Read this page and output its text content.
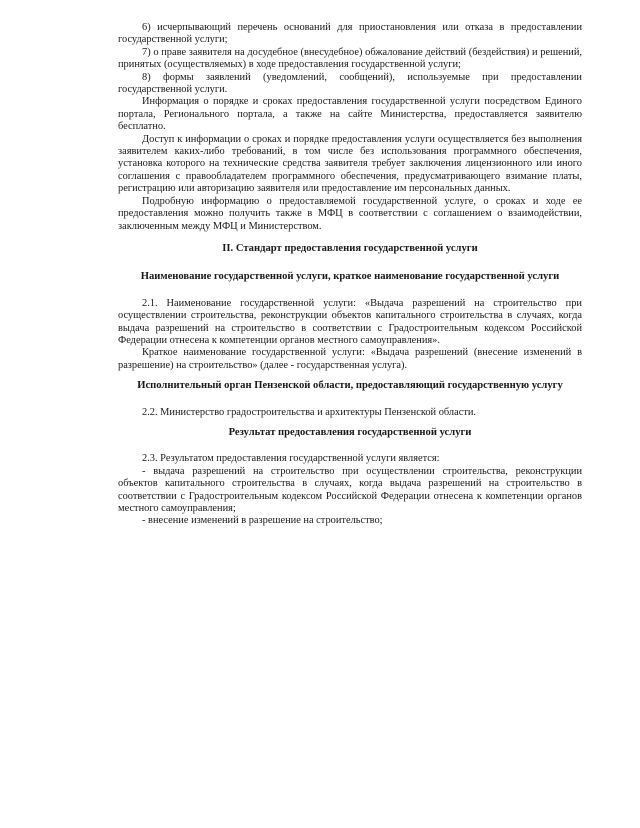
6) исчерпывающий перечень оснований для приостановления или отказа в предоставлении государственной услуги;

7) о праве заявителя на досудебное (внесудебное) обжалование действий (бездействия) и решений, принятых (осуществляемых) в ходе предоставления государственной услуги;

8) формы заявлений (уведомлений, сообщений), используемые при предоставлении государственной услуги.

Информация о порядке и сроках предоставления государственной услуги посредством Единого портала, Регионального портала, а также на сайте Министерства, предоставляется заявителю бесплатно.

Доступ к информации о сроках и порядке предоставления услуги осуществляется без выполнения заявителем каких-либо требований, в том числе без использования программного обеспечения, установка которого на технические средства заявителя требует заключения лицензионного или иного соглашения с правообладателем программного обеспечения, предусматривающего взимание платы, регистрацию или авторизацию заявителя или предоставление им персональных данных.

Подробную информацию о предоставляемой государственной услуге, о сроках и ходе ее предоставления можно получить также в МФЦ в соответствии с соглашением о взаимодействии, заключенным между МФЦ и Министерством.

II. Стандарт предоставления государственной услуги
Наименование государственной услуги, краткое наименование государственной услуги

2.1. Наименование государственной услуги: «Выдача разрешений на строительство при осуществлении строительства, реконструкции объектов капитального строительства в случаях, когда выдача разрешений на строительство в соответствии с Градостроительным кодексом Российской Федерации отнесена к компетенции органов местного самоуправления».

Краткое наименование государственной услуги: «Выдача разрешений (внесение изменений в разрешение) на строительство» (далее - государственная услуга).

Исполнительный орган Пензенской области, предоставляющий государственную услугу

2.2. Министерство градостроительства и архитектуры Пензенской области.

Результат предоставления государственной услуги

2.3. Результатом предоставления государственной услуги является:

- выдача разрешений на строительство при осуществлении строительства, реконструкции объектов капитального строительства в случаях, когда выдача разрешений на строительство в соответствии с Градостроительным кодексом Российской Федерации отнесена к компетенции органов местного самоуправления;

- внесение изменений в разрешение на строительство;
